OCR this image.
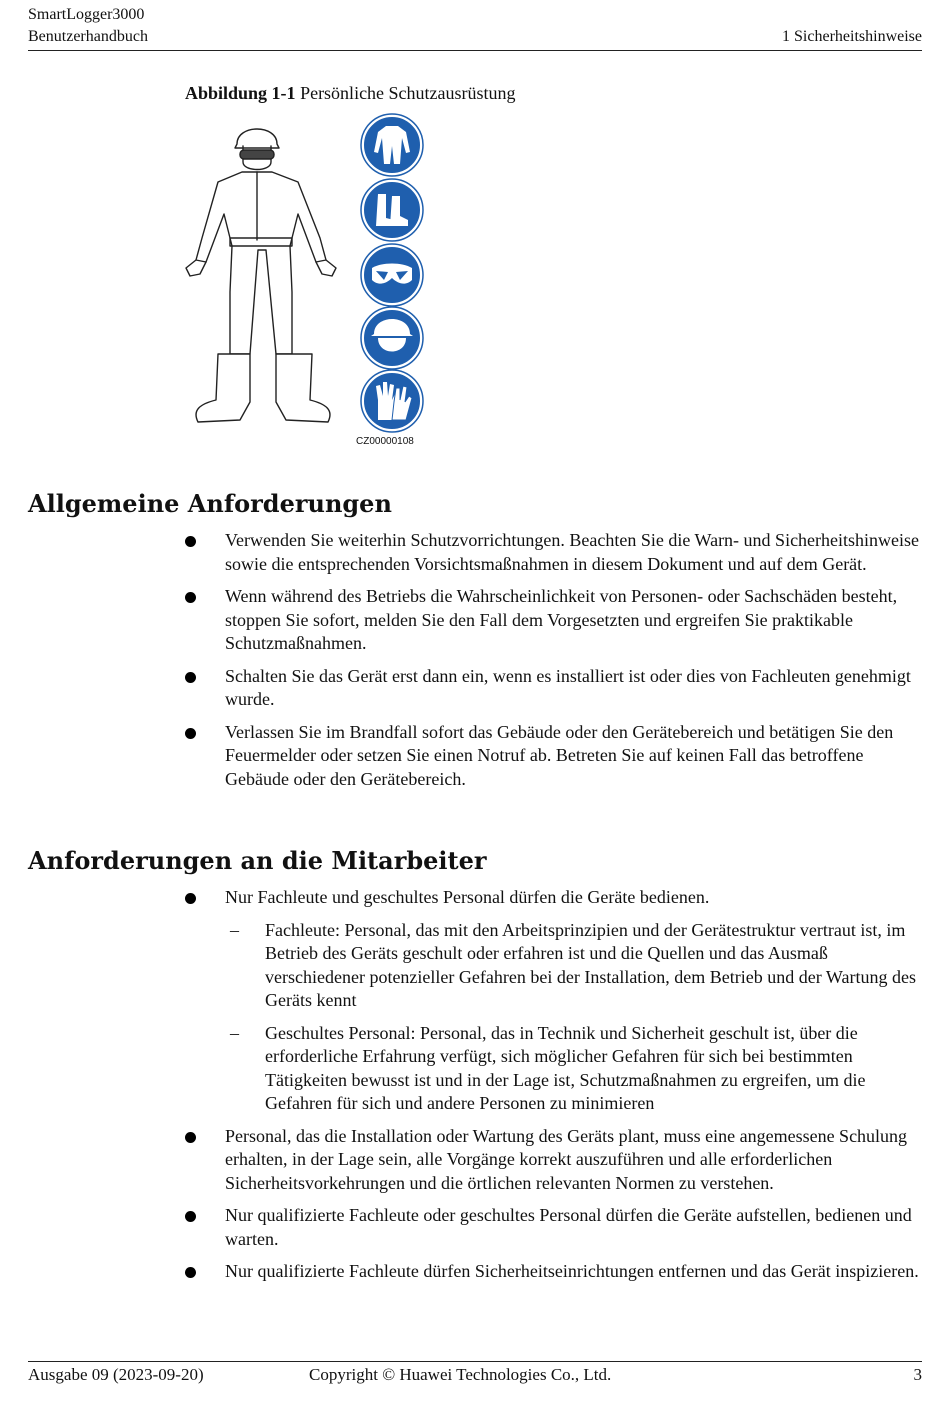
SmartLogger3000
Benutzerhandbuch	1 Sicherheitshinweise
Abbildung 1-1 Persönliche Schutzausrüstung
CZ00000108
Allgemeine Anforderungen
Verwenden Sie weiterhin Schutzvorrichtungen. Beachten Sie die Warn- und Sicherheitshinweise sowie die entsprechenden Vorsichtsmaßnahmen in diesem Dokument und auf dem Gerät.
Wenn während des Betriebs die Wahrscheinlichkeit von Personen- oder Sachschäden besteht, stoppen Sie sofort, melden Sie den Fall dem Vorgesetzten und ergreifen Sie praktikable Schutzmaßnahmen.
Schalten Sie das Gerät erst dann ein, wenn es installiert ist oder dies von Fachleuten genehmigt wurde.
Verlassen Sie im Brandfall sofort das Gebäude oder den Gerätebereich und betätigen Sie den Feuermelder oder setzen Sie einen Notruf ab. Betreten Sie auf keinen Fall das betroffene Gebäude oder den Gerätebereich.
Anforderungen an die Mitarbeiter
Nur Fachleute und geschultes Personal dürfen die Geräte bedienen.
– Fachleute: Personal, das mit den Arbeitsprinzipien und der Gerätestruktur vertraut ist, im Betrieb des Geräts geschult oder erfahren ist und die Quellen und das Ausmaß verschiedener potenzieller Gefahren bei der Installation, dem Betrieb und der Wartung des Geräts kennt
– Geschultes Personal: Personal, das in Technik und Sicherheit geschult ist, über die erforderliche Erfahrung verfügt, sich möglicher Gefahren für sich bei bestimmten Tätigkeiten bewusst ist und in der Lage ist, Schutzmaßnahmen zu ergreifen, um die Gefahren für sich und andere Personen zu minimieren
Personal, das die Installation oder Wartung des Geräts plant, muss eine angemessene Schulung erhalten, in der Lage sein, alle Vorgänge korrekt auszuführen und alle erforderlichen Sicherheitsvorkehrungen und die örtlichen relevanten Normen zu verstehen.
Nur qualifizierte Fachleute oder geschultes Personal dürfen die Geräte aufstellen, bedienen und warten.
Nur qualifizierte Fachleute dürfen Sicherheitseinrichtungen entfernen und das Gerät inspizieren.
Ausgabe 09 (2023-09-20)	Copyright © Huawei Technologies Co., Ltd.	3
